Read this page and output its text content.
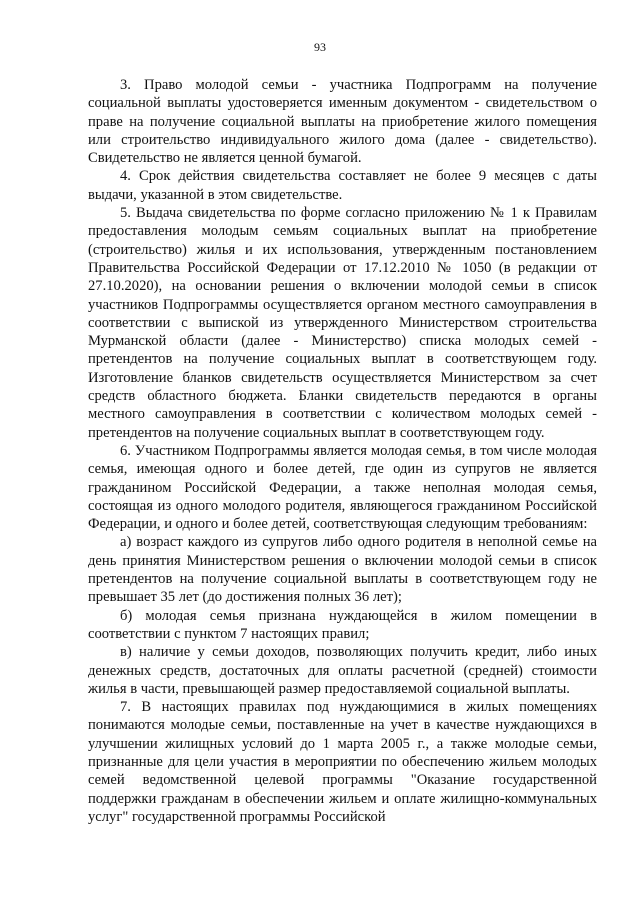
93

3. Право молодой семьи - участника Подпрограмм на получение социальной выплаты удостоверяется именным документом - свидетельством о праве на получение социальной выплаты на приобретение жилого помещения или строительство индивидуального жилого дома (далее - свидетельство). Свидетельство не является ценной бумагой.

4. Срок действия свидетельства составляет не более 9 месяцев с даты выдачи, указанной в этом свидетельстве.

5. Выдача свидетельства по форме согласно приложению № 1 к Правилам предоставления молодым семьям социальных выплат на приобретение (строительство) жилья и их использования, утвержденным постановлением Правительства Российской Федерации от 17.12.2010 № 1050 (в редакции от 27.10.2020), на основании решения о включении молодой семьи в список участников Подпрограммы осуществляется органом местного самоуправления в соответствии с выпиской из утвержденного Министерством строительства Мурманской области (далее - Министерство) списка молодых семей - претендентов на получение социальных выплат в соответствующем году. Изготовление бланков свидетельств осуществляется Министерством за счет средств областного бюджета. Бланки свидетельств передаются в органы местного самоуправления в соответствии с количеством молодых семей - претендентов на получение социальных выплат в соответствующем году.

6. Участником Подпрограммы является молодая семья, в том числе молодая семья, имеющая одного и более детей, где один из супругов не является гражданином Российской Федерации, а также неполная молодая семья, состоящая из одного молодого родителя, являющегося гражданином Российской Федерации, и одного и более детей, соответствующая следующим требованиям:

а) возраст каждого из супругов либо одного родителя в неполной семье на день принятия Министерством решения о включении молодой семьи в список претендентов на получение социальной выплаты в соответствующем году не превышает 35 лет (до достижения полных 36 лет);

б) молодая семья признана нуждающейся в жилом помещении в соответствии с пунктом 7 настоящих правил;

в) наличие у семьи доходов, позволяющих получить кредит, либо иных денежных средств, достаточных для оплаты расчетной (средней) стоимости жилья в части, превышающей размер предоставляемой социальной выплаты.

7. В настоящих правилах под нуждающимися в жилых помещениях понимаются молодые семьи, поставленные на учет в качестве нуждающихся в улучшении жилищных условий до 1 марта 2005 г., а также молодые семьи, признанные для цели участия в мероприятии по обеспечению жильем молодых семей ведомственной целевой программы "Оказание государственной поддержки гражданам в обеспечении жильем и оплате жилищно-коммунальных услуг" государственной программы Российской
